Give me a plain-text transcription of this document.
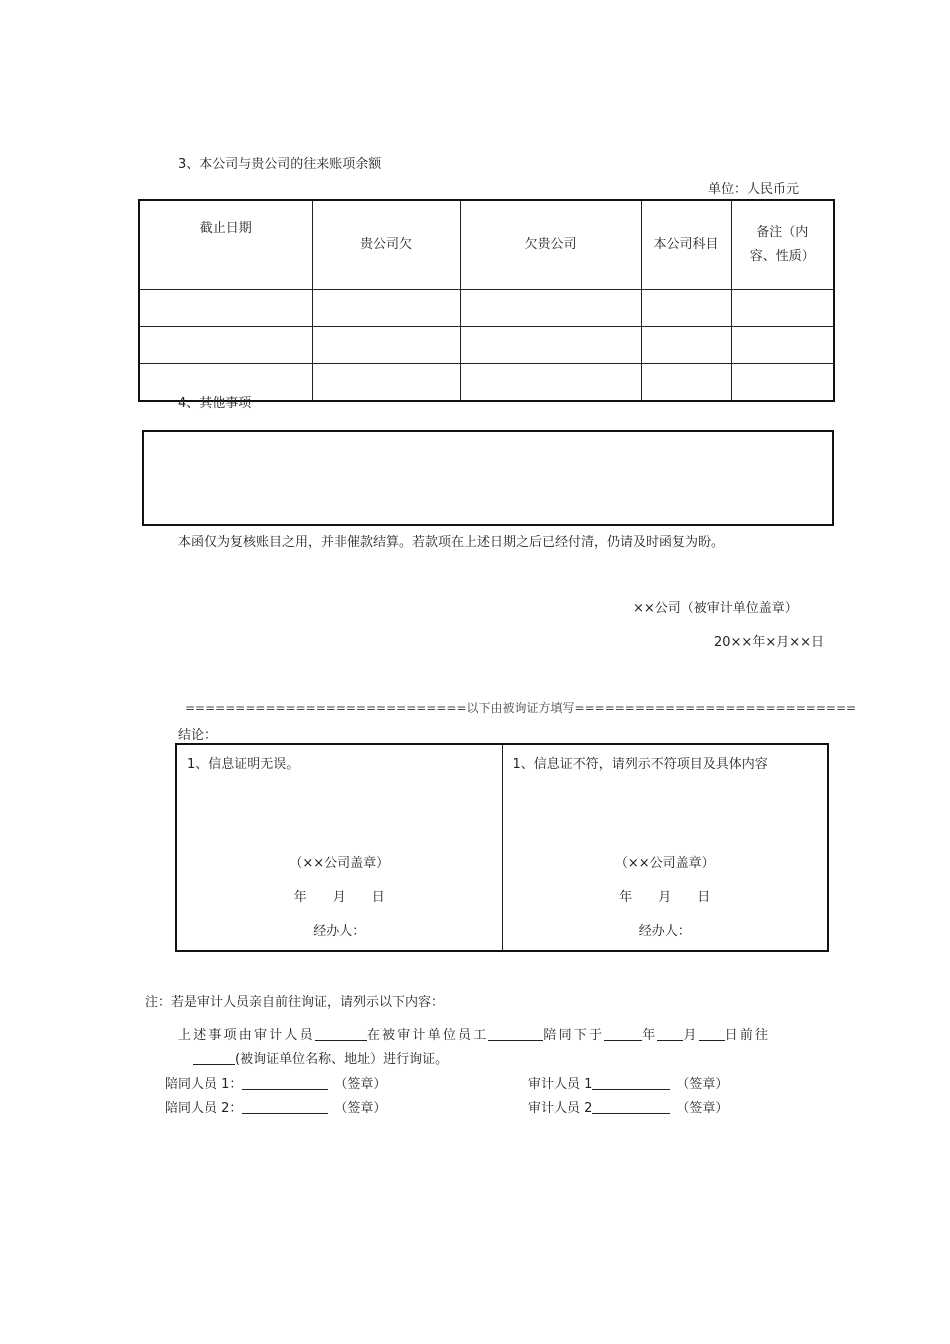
3、本公司与贵公司的往来账项余额
单位：人民币元
截止日期	贵公司欠	欠贵公司	本公司科目	备注（内容、性质）

4、其他事项
本函仅为复核账目之用，并非催款结算。若款项在上述日期之后已经付清，仍请及时函复为盼。
××公司（被审计单位盖章）
20××年×月××日
============================以下由被询证方填写============================
结论：
1、信息证明无误。
（××公司盖章）
年　　月　　日
经办人：
1、信息证不符，请列示不符项目及具体内容
（××公司盖章）
年　　月　　日
经办人：
注：若是审计人员亲自前往询证，请列示以下内容：
上述事项由审计人员	在被审计单位员工	陪同下于	年 月 日前往
(被询证单位名称、地址）进行询证。
陪同人员 1：	（签章）	审计人员 1	（签章）
陪同人员 2：	（签章）	审计人员 2	（签章）
